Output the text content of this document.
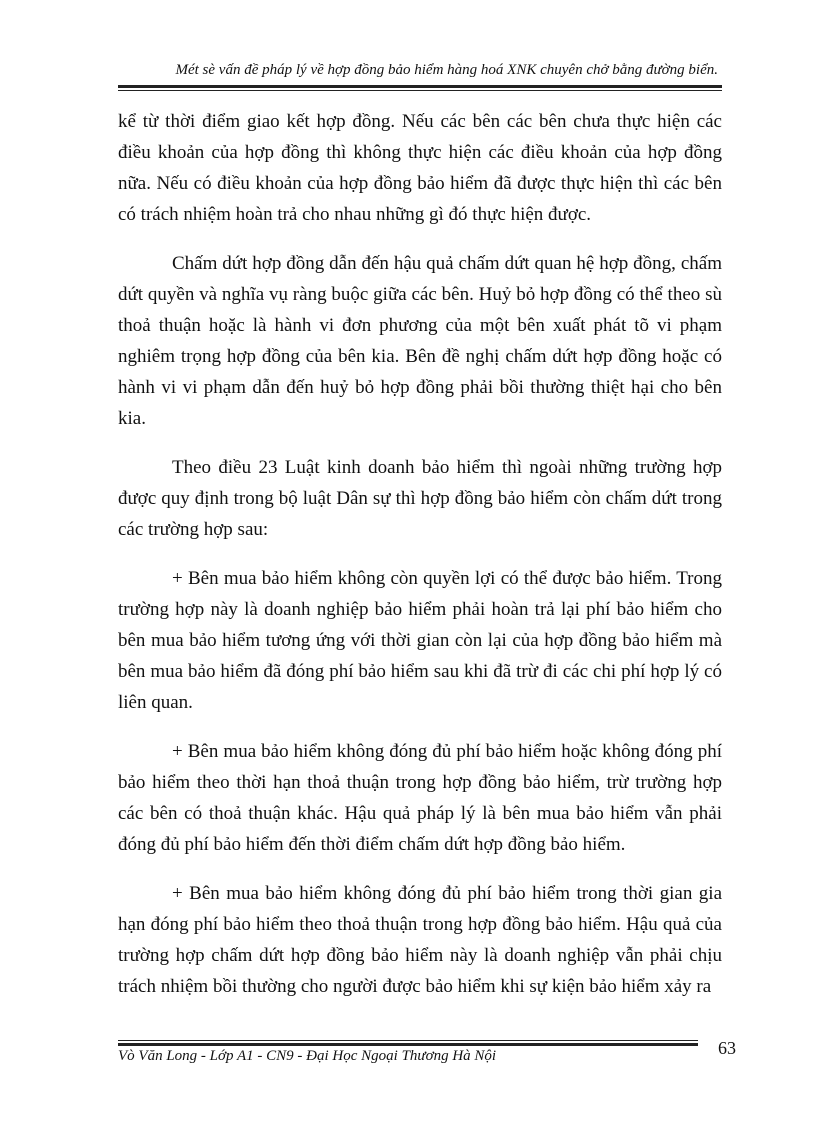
Mét sè vấn đề pháp lý về hợp đồng bảo hiểm hàng hoá XNK chuyên chở bằng đường biển.

kể từ thời điểm giao kết hợp đồng. Nếu các bên các bên chưa thực hiện các điều khoản của hợp đồng thì không thực hiện các điều khoản của hợp đồng nữa. Nếu có điều khoản của hợp đồng bảo hiểm đã được thực hiện thì các bên có trách nhiệm hoàn trả cho nhau những gì đó thực hiện được.

Chấm dứt hợp đồng dẫn đến hậu quả chấm dứt quan hệ hợp đồng, chấm dứt quyền và nghĩa vụ ràng buộc giữa các bên. Huỷ bỏ hợp đồng có thể theo sù thoả thuận hoặc là hành vi đơn phương của một bên xuất phát tõ vi phạm nghiêm trọng hợp đồng của bên kia. Bên đề nghị chấm dứt hợp đồng hoặc có hành vi vi phạm dẫn đến huỷ bỏ hợp đồng phải bồi thường thiệt hại cho bên kia.

Theo điều 23 Luật kinh doanh bảo hiểm thì ngoài những trường hợp được quy định trong bộ luật Dân sự thì hợp đồng bảo hiểm còn chấm dứt trong các trường hợp sau:

+ Bên mua bảo hiểm không còn quyền lợi có thể được bảo hiểm. Trong trường hợp này là doanh nghiệp bảo hiểm phải hoàn trả lại phí bảo hiểm cho bên mua bảo hiểm tương ứng với thời gian còn lại của hợp đồng bảo hiểm mà bên mua bảo hiểm đã đóng phí bảo hiểm sau khi đã trừ đi các chi phí hợp lý có liên quan.

+ Bên mua bảo hiểm không đóng đủ phí bảo hiểm hoặc không đóng phí bảo hiểm theo thời hạn thoả thuận trong hợp đồng bảo hiểm, trừ trường hợp các bên có thoả thuận khác. Hậu quả pháp lý là bên mua bảo hiểm vẫn phải đóng đủ phí bảo hiểm đến thời điểm chấm dứt hợp đồng bảo hiểm.

+ Bên mua bảo hiểm không đóng đủ phí bảo hiểm trong thời gian gia hạn đóng phí bảo hiểm theo thoả thuận trong hợp đồng bảo hiểm. Hậu quả của trường hợp chấm dứt hợp đồng bảo hiểm này là doanh nghiệp vẫn phải chịu trách nhiệm bồi thường cho người được bảo hiểm khi sự kiện bảo hiểm xảy ra

Vò Văn Long - Lớp A1 - CN9 - Đại Học Ngoại Thương Hà Nội	63
